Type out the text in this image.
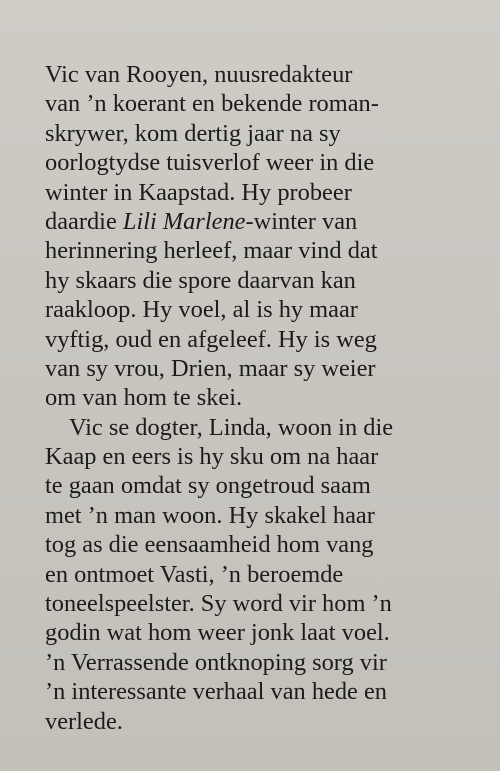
Vic van Rooyen, nuusredakteur
van ’n koerant en bekende roman-
skrywer, kom dertig jaar na sy
oorlogtydse tuisverlof weer in die
winter in Kaapstad. Hy probeer
daardie Lili Marlene-winter van
herinnering herleef, maar vind dat
hy skaars die spore daarvan kan
raakloop. Hy voel, al is hy maar
vyftig, oud en afgeleef. Hy is weg
van sy vrou, Drien, maar sy weier
om van hom te skei.
Vic se dogter, Linda, woon in die
Kaap en eers is hy sku om na haar
te gaan omdat sy ongetroud saam
met ’n man woon. Hy skakel haar
tog as die eensaamheid hom vang
en ontmoet Vasti, ’n beroemde
toneelspeelster. Sy word vir hom ’n
godin wat hom weer jonk laat voel.
’n Verrassende ontknoping sorg vir
’n interessante verhaal van hede en
verlede.
